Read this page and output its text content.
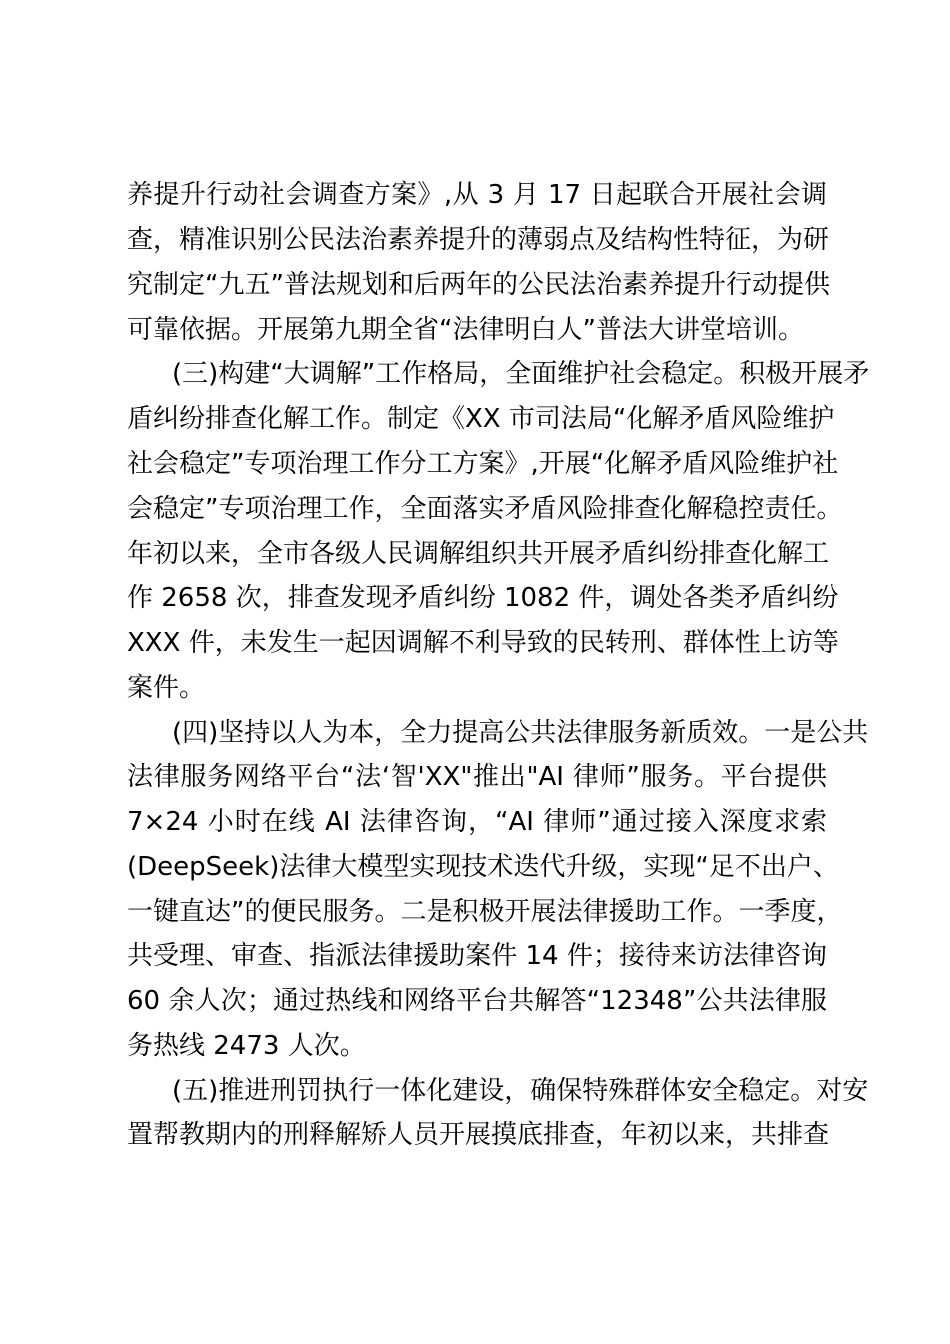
养提升行动社会调查方案》,从 3 月 17 日起联合开展社会调
查，精准识别公民法治素养提升的薄弱点及结构性特征，为研
究制定“九五”普法规划和后两年的公民法治素养提升行动提供
可靠依据。开展第九期全省“法律明白人”普法大讲堂培训。
(三)构建“大调解”工作格局，全面维护社会稳定。积极开展矛
盾纠纷排查化解工作。制定《XX 市司法局“化解矛盾风险维护
社会稳定”专项治理工作分工方案》,开展“化解矛盾风险维护社
会稳定”专项治理工作，全面落实矛盾风险排查化解稳控责任。
年初以来，全市各级人民调解组织共开展矛盾纠纷排查化解工
作 2658 次，排查发现矛盾纠纷 1082 件，调处各类矛盾纠纷
XXX 件，未发生一起因调解不利导致的民转刑、群体性上访等
案件。
(四)坚持以人为本，全力提高公共法律服务新质效。一是公共
法律服务网络平台“法‘智'XX"推出"AI 律师”服务。平台提供
7×24 小时在线 AI 法律咨询，“AI 律师”通过接入深度求索
(DeepSeek)法律大模型实现技术迭代升级，实现“足不出户、
一键直达”的便民服务。二是积极开展法律援助工作。一季度，
共受理、审查、指派法律援助案件 14 件；接待来访法律咨询
60 余人次；通过热线和网络平台共解答“12348”公共法律服
务热线 2473 人次。
(五)推进刑罚执行一体化建设，确保特殊群体安全稳定。对安
置帮教期内的刑释解矫人员开展摸底排查，年初以来，共排查
